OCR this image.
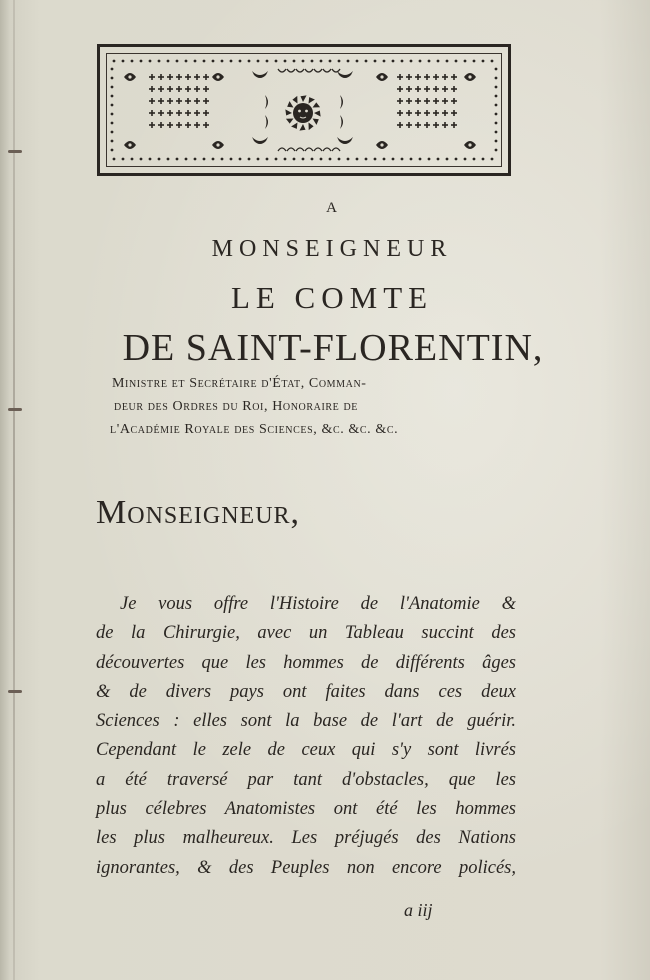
A
MONSEIGNEUR
LE COMTE
DE SAINT-FLORENTIN,
Ministre et Secrétaire d'État, Comman-
deur des Ordres du Roi, Honoraire de
l'Académie Royale des Sciences, &c. &c. &c.
Monseigneur,
Je vous offre l'Histoire de l'Anatomie &
de la Chirurgie, avec un Tableau succint des
découvertes que les hommes de différents âges
& de divers pays ont faites dans ces deux
Sciences : elles sont la base de l'art de guérir.
Cependant le zele de ceux qui s'y sont livrés
a été traversé par tant d'obstacles, que les
plus célebres Anatomistes ont été les hommes
les plus malheureux. Les préjugés des Nations
ignorantes, & des Peuples non encore policés,
a iij
